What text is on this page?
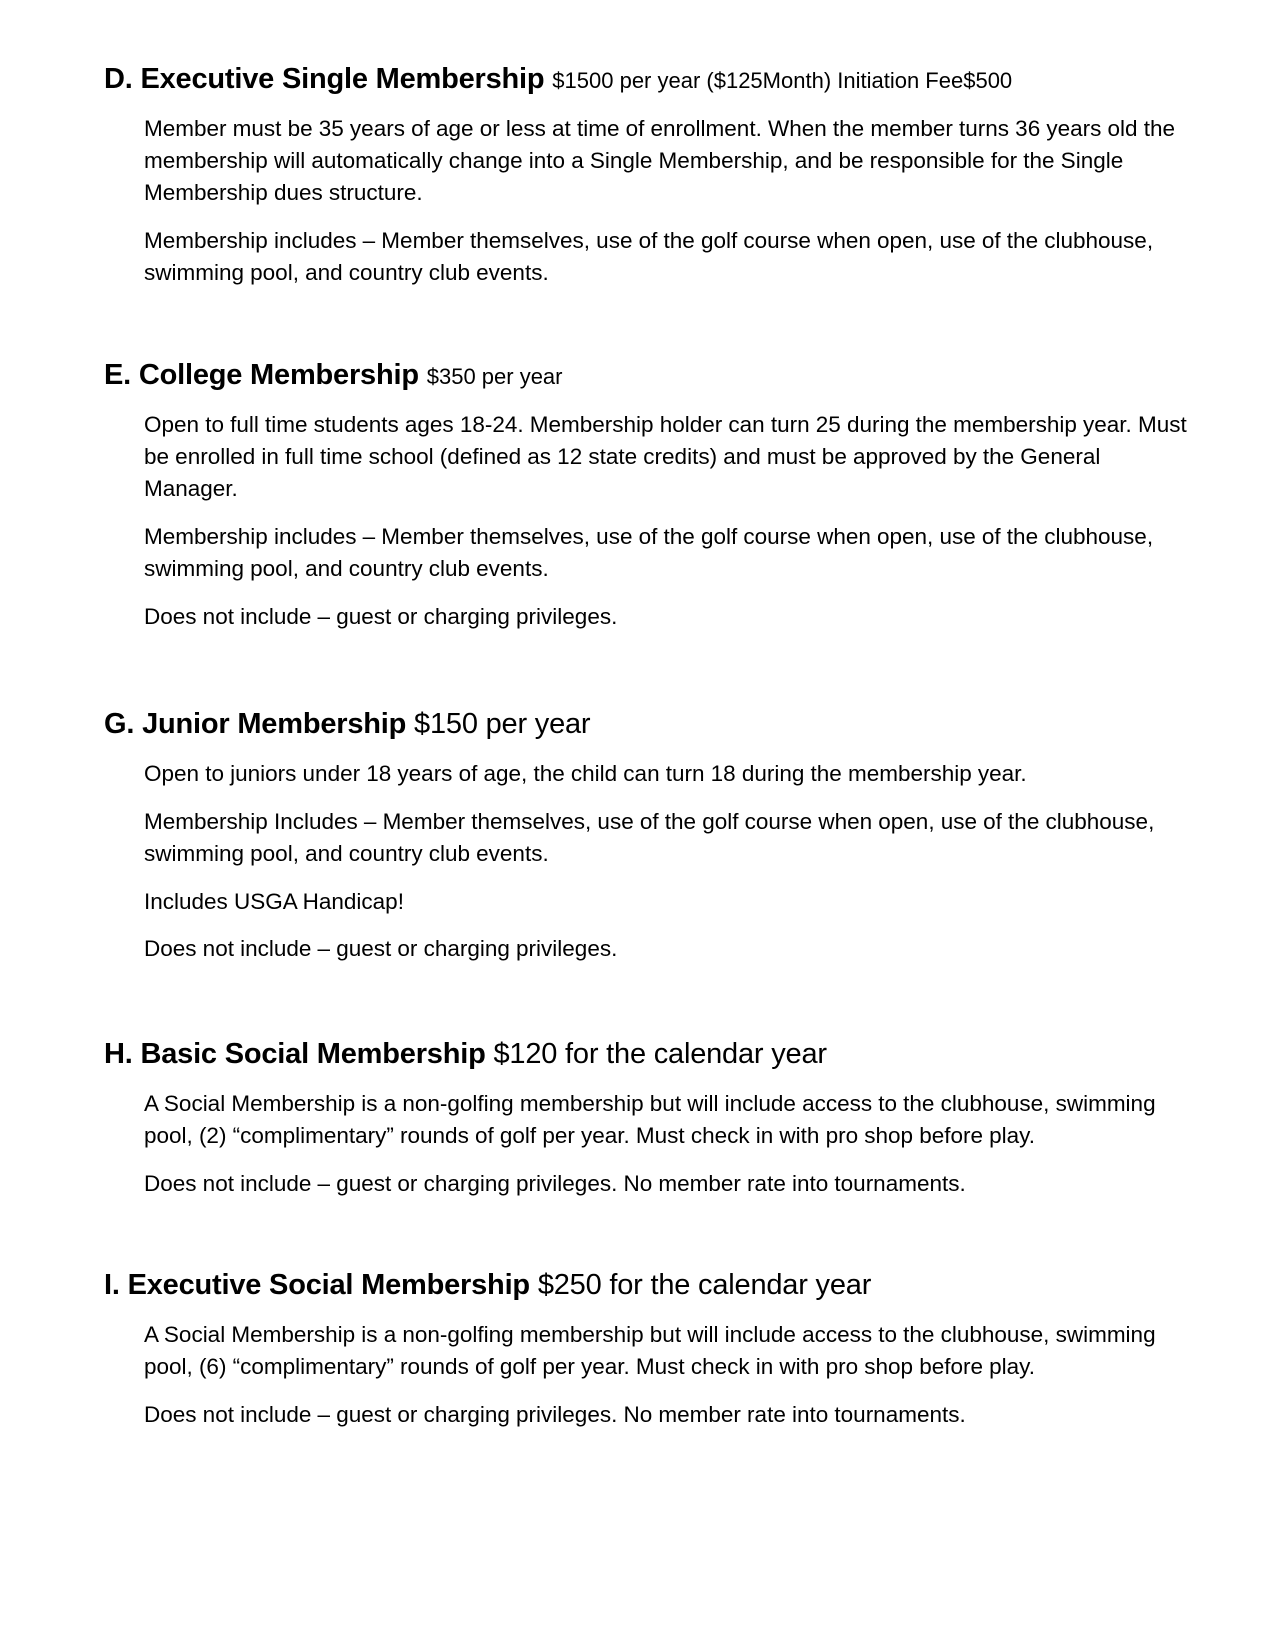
D. Executive Single Membership $1500 per year ($125Month) Initiation Fee$500

Member must be 35 years of age or less at time of enrollment. When the member turns 36 years old the membership will automatically change into a Single Membership, and be responsible for the Single Membership dues structure.

Membership includes – Member themselves, use of the golf course when open, use of the clubhouse, swimming pool, and country club events.

E. College Membership $350 per year

Open to full time students ages 18-24. Membership holder can turn 25 during the membership year. Must be enrolled in full time school (defined as 12 state credits) and must be approved by the General Manager.

Membership includes – Member themselves, use of the golf course when open, use of the clubhouse, swimming pool, and country club events.

Does not include – guest or charging privileges.

G. Junior Membership $150 per year

Open to juniors under 18 years of age, the child can turn 18 during the membership year.

Membership Includes – Member themselves, use of the golf course when open, use of the clubhouse, swimming pool, and country club events.

Includes USGA Handicap!

Does not include – guest or charging privileges.

H. Basic Social Membership $120 for the calendar year

A Social Membership is a non-golfing membership but will include access to the clubhouse, swimming pool, (2) “complimentary” rounds of golf per year. Must check in with pro shop before play.

Does not include – guest or charging privileges. No member rate into tournaments.

I. Executive Social Membership $250 for the calendar year

A Social Membership is a non-golfing membership but will include access to the clubhouse, swimming pool, (6) “complimentary” rounds of golf per year. Must check in with pro shop before play.

Does not include – guest or charging privileges. No member rate into tournaments.
